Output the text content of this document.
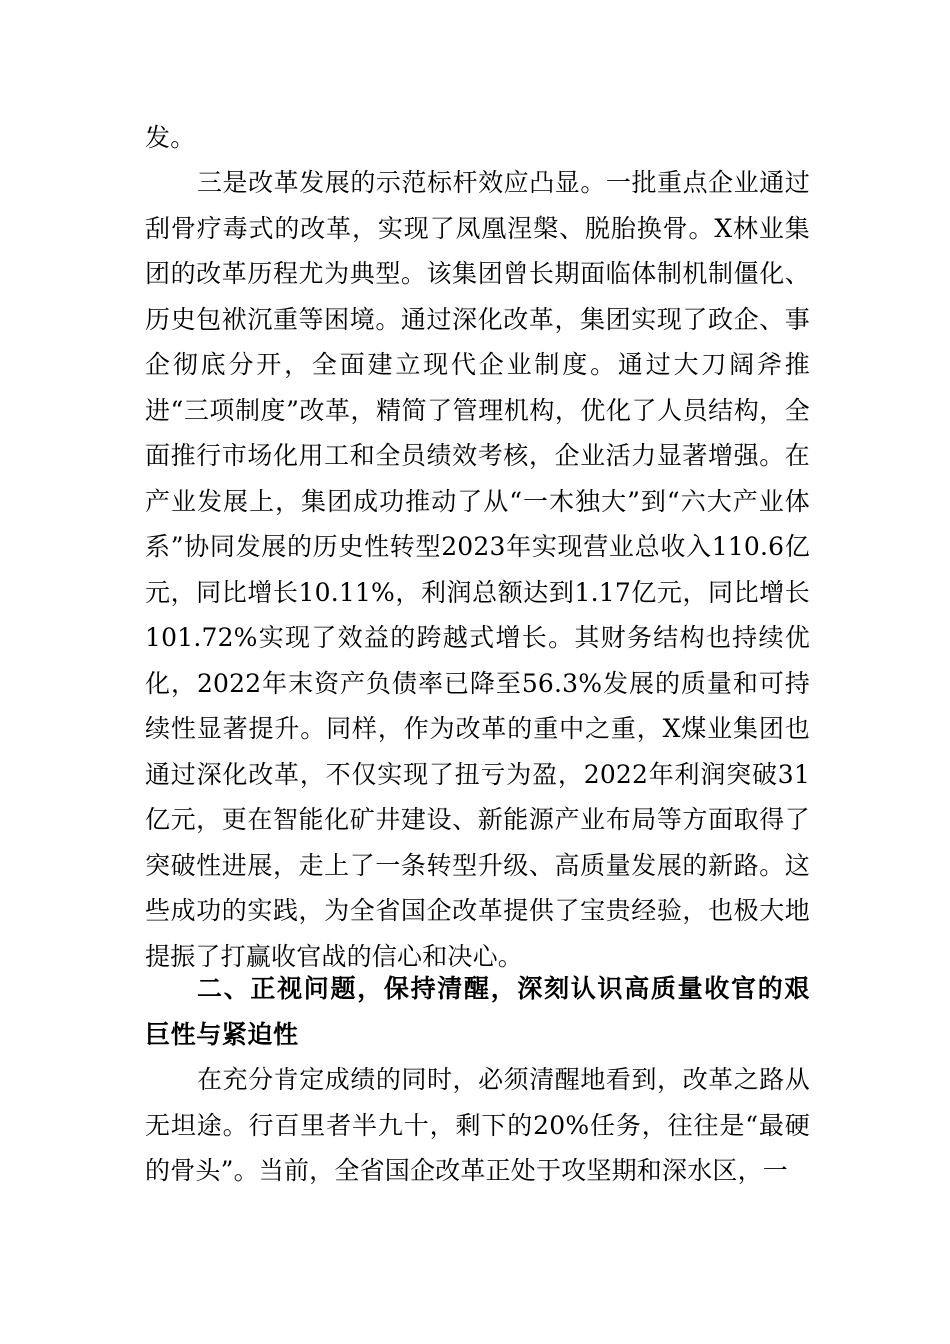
发。

三是改革发展的示范标杆效应凸显。一批重点企业通过刮骨疗毒式的改革，实现了凤凰涅槃、脱胎换骨。X林业集团的改革历程尤为典型。该集团曾长期面临体制机制僵化、历史包袱沉重等困境。通过深化改革，集团实现了政企、事企彻底分开，全面建立现代企业制度。通过大刀阔斧推进“三项制度”改革，精简了管理机构，优化了人员结构，全面推行市场化用工和全员绩效考核，企业活力显著增强。在产业发展上，集团成功推动了从“一木独大”到“六大产业体系”协同发展的历史性转型2023年实现营业总收入110.6亿元，同比增长10.11%，利润总额达到1.17亿元，同比增长101.72%实现了效益的跨越式增长。其财务结构也持续优化，2022年末资产负债率已降至56.3%发展的质量和可持续性显著提升。同样，作为改革的重中之重，X煤业集团也通过深化改革，不仅实现了扭亏为盈，2022年利润突破31亿元，更在智能化矿井建设、新能源产业布局等方面取得了突破性进展，走上了一条转型升级、高质量发展的新路。这些成功的实践，为全省国企改革提供了宝贵经验，也极大地提振了打赢收官战的信心和决心。

二、正视问题，保持清醒，深刻认识高质量收官的艰巨性与紧迫性

在充分肯定成绩的同时，必须清醒地看到，改革之路从无坦途。行百里者半九十，剩下的20%任务，往往是“最硬的骨头”。当前，全省国企改革正处于攻坚期和深水区，一
